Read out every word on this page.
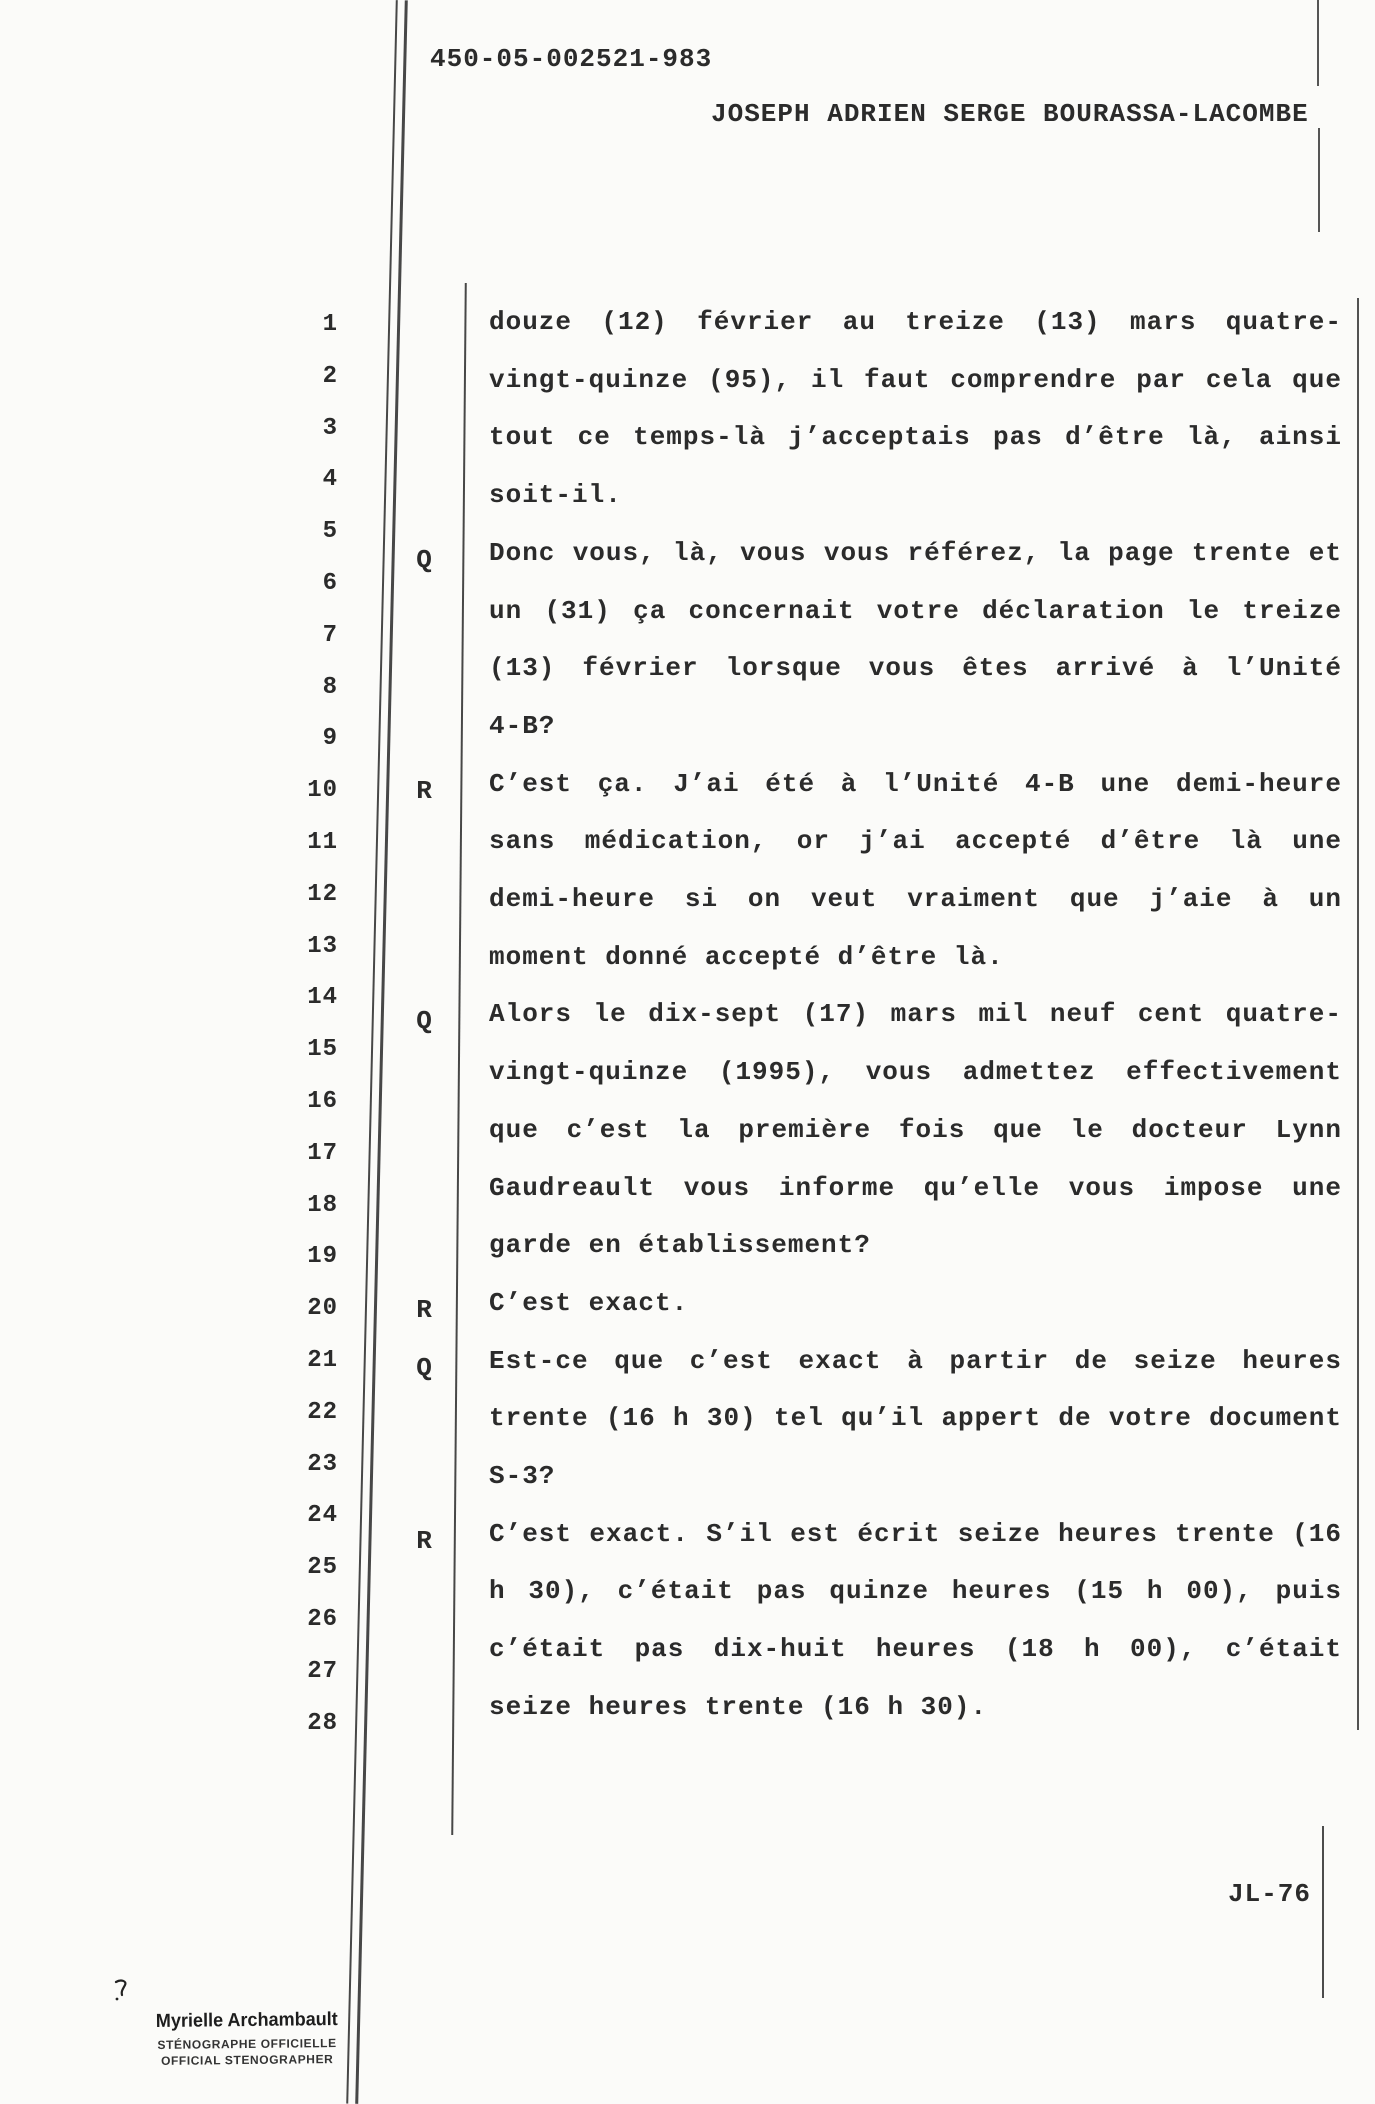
450-05-002521-983
JOSEPH ADRIEN SERGE BOURASSA-LACOMBE
1
2
3
4
5
6
7
8
9
10
11
12
13
14
15
16
17
18
19
20
21
22
23
24
25
26
27
28
douze (12) février au treize (13) mars quatre-
vingt-quinze (95), il faut comprendre par cela que
tout ce temps-là j’acceptais pas d’être là, ainsi
soit-il.
Q	Donc vous, là, vous vous référez, la page trente et
un (31) ça concernait votre déclaration le treize
(13) février lorsque vous êtes arrivé à l’Unité
4-B?
R	C’est ça. J’ai été à l’Unité 4-B une demi-heure
sans médication, or j’ai accepté d’être là une
demi-heure si on veut vraiment que j’aie à un
moment donné accepté d’être là.
Q	Alors le dix-sept (17) mars mil neuf cent quatre-
vingt-quinze (1995), vous admettez effectivement
que c’est la première fois que le docteur Lynn
Gaudreault vous informe qu’elle vous impose une
garde en établissement?
R	C’est exact.
Q	Est-ce que c’est exact à partir de seize heures
trente (16 h 30) tel qu’il appert de votre document
S-3?
R	C’est exact. S’il est écrit seize heures trente (16
h 30), c’était pas quinze heures (15 h 00), puis
c’était pas dix-huit heures (18 h 00), c’était
seize heures trente (16 h 30).
JL-76
Myrielle Archambault
STÉNOGRAPHE OFFICIELLE
OFFICIAL STENOGRAPHER
